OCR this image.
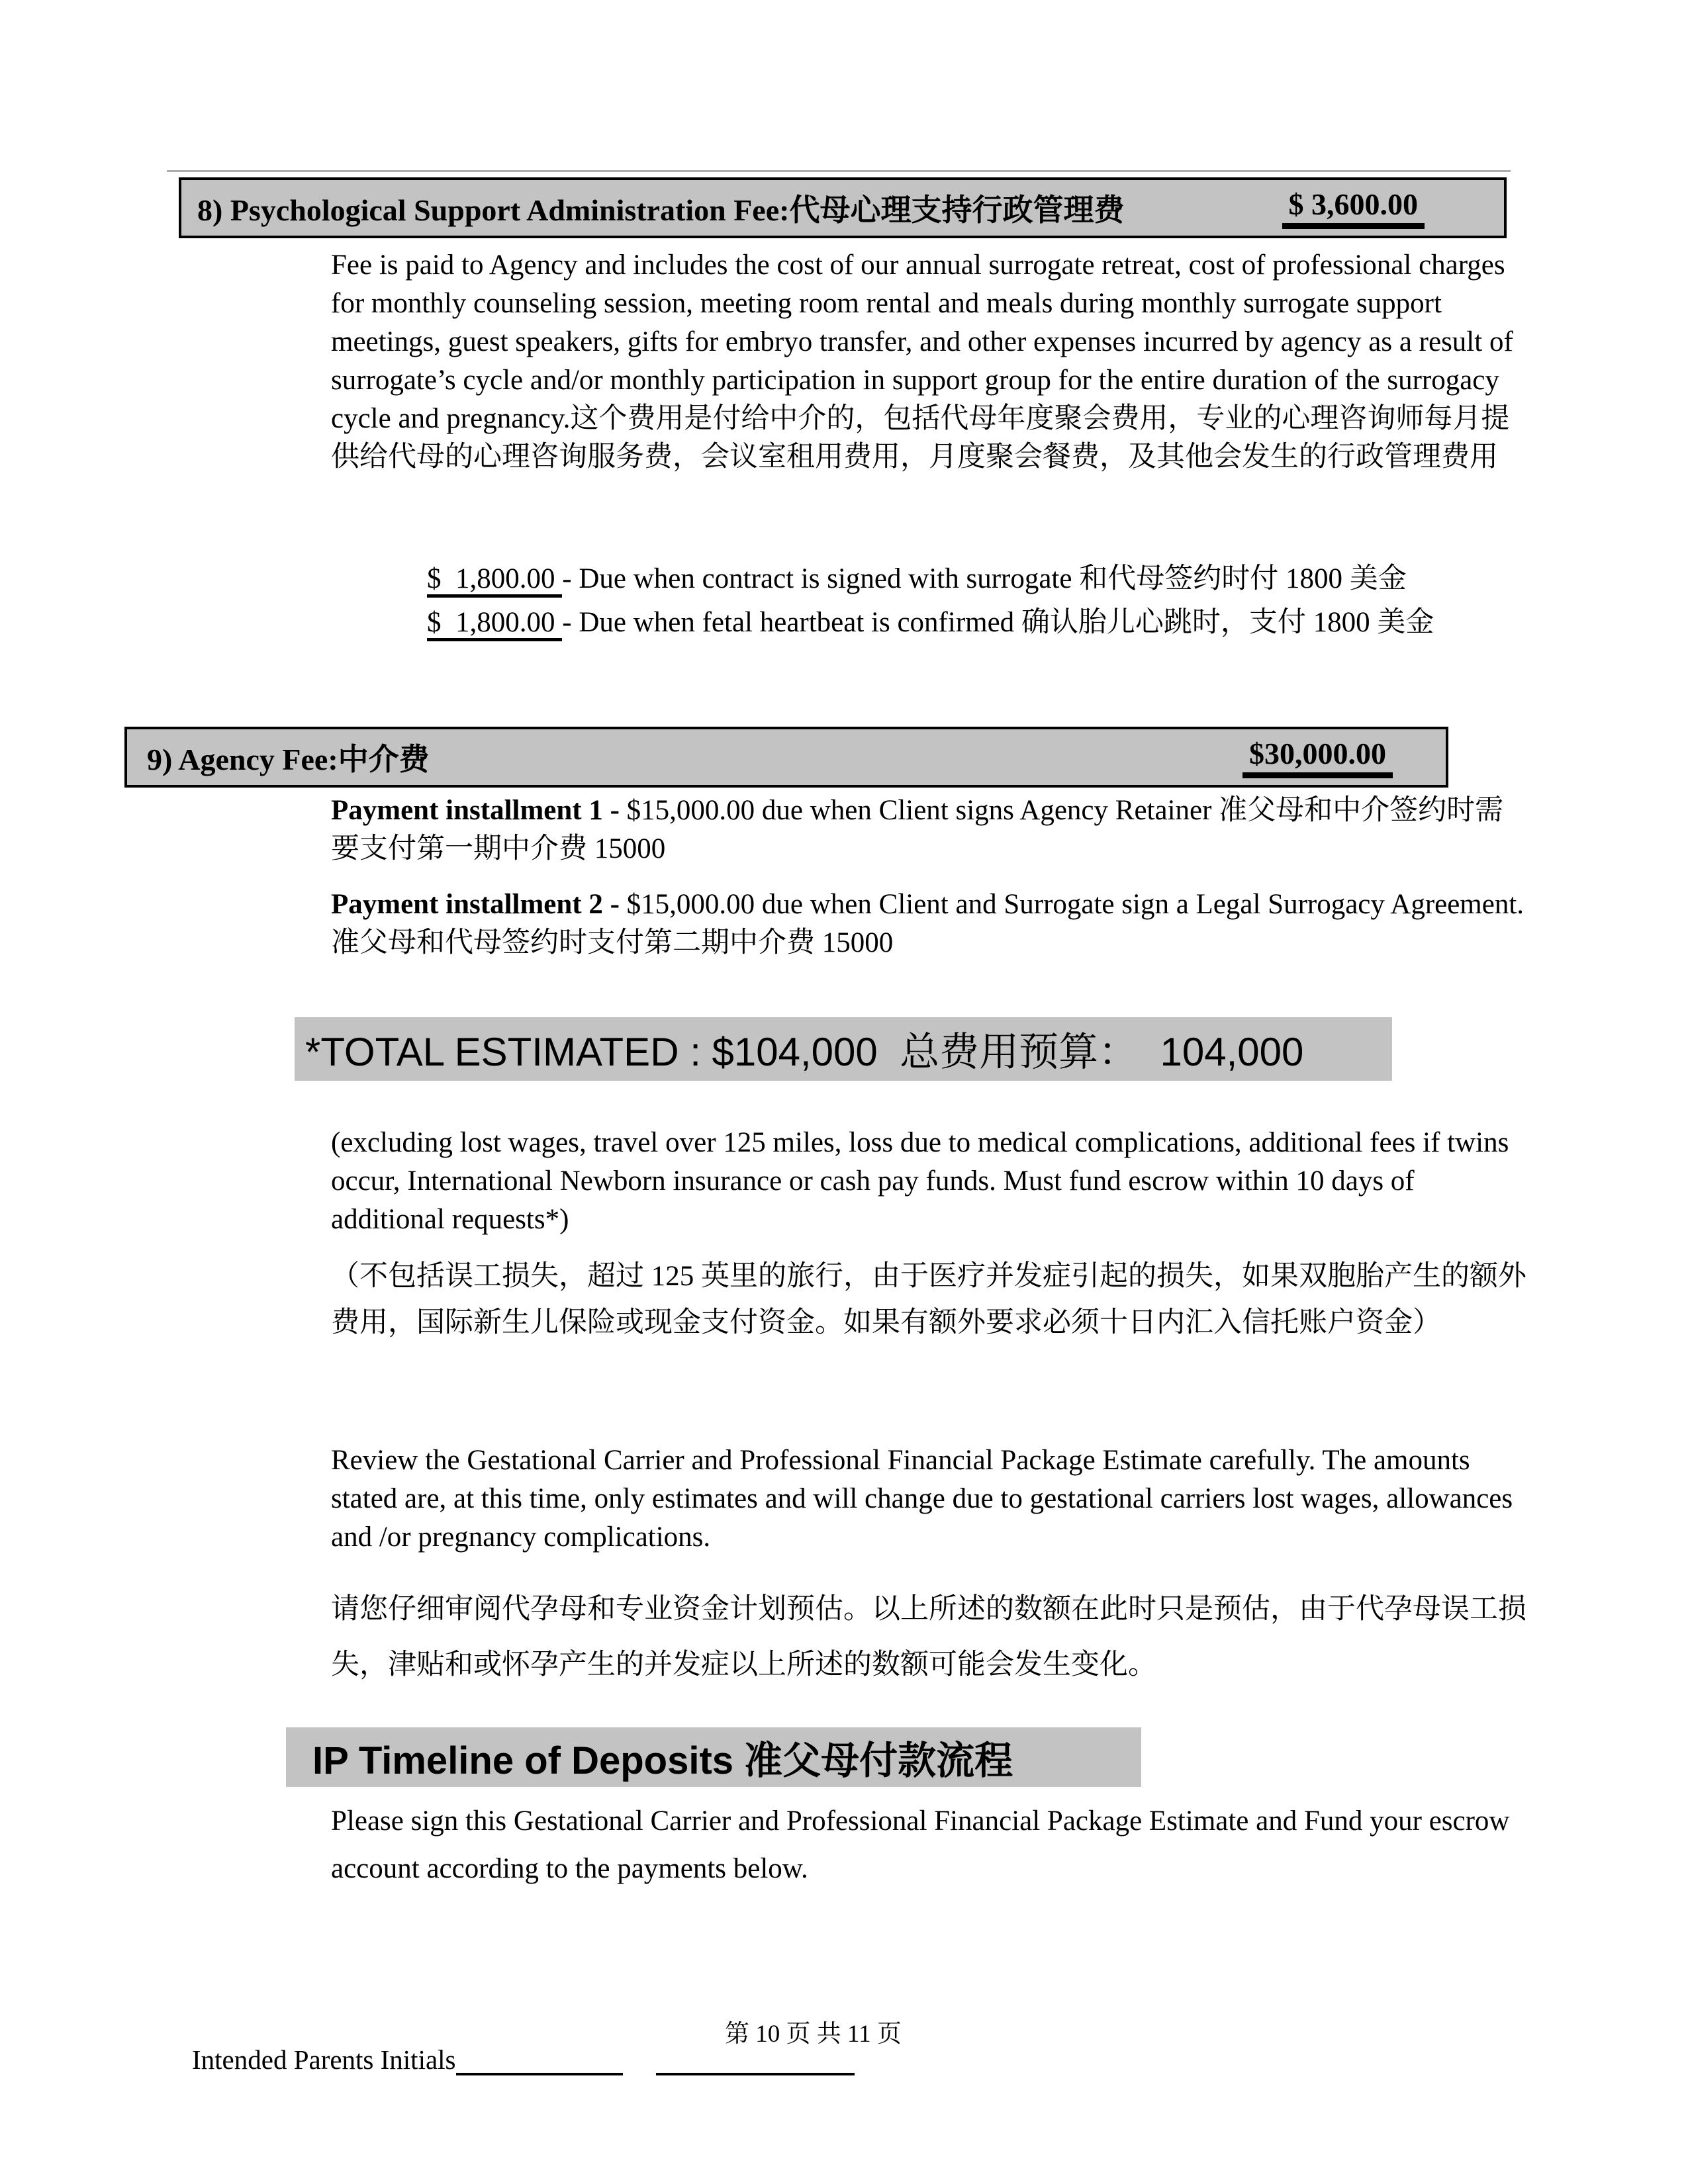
8) Psychological Support Administration Fee:代母心理支持行政管理费	$ 3,600.00
Fee is paid to Agency and includes the cost of our annual surrogate retreat, cost of professional charges for monthly counseling session, meeting room rental and meals during monthly surrogate support meetings, guest speakers, gifts for embryo transfer, and other expenses incurred by agency as a result of surrogate’s cycle and/or monthly participation in support group for the entire duration of the surrogacy cycle and pregnancy.这个费用是付给中介的，包括代母年度聚会费用，专业的心理咨询师每月提供给代母的心理咨询服务费，会议室租用费用，月度聚会餐费，及其他会发生的行政管理费用
$  1,800.00 - Due when contract is signed with surrogate 和代母签约时付 1800 美金
$  1,800.00 - Due when fetal heartbeat is confirmed 确认胎儿心跳时，支付 1800 美金
9) Agency Fee:中介费	$30,000.00
Payment installment 1 - $15,000.00 due when Client signs Agency Retainer 准父母和中介签约时需要支付第一期中介费 15000
Payment installment 2 - $15,000.00 due when Client and Surrogate sign a Legal Surrogacy Agreement.准父母和代母签约时支付第二期中介费 15000
*TOTAL ESTIMATED : $104,000  总费用预算：  104,000
(excluding lost wages, travel over 125 miles, loss due to medical complications, additional fees if twins occur, International Newborn insurance or cash pay funds. Must fund escrow within 10 days of additional requests*)
（不包括误工损失，超过 125 英里的旅行，由于医疗并发症引起的损失，如果双胞胎产生的额外费用，国际新生儿保险或现金支付资金。如果有额外要求必须十日内汇入信托账户资金）
Review the Gestational Carrier and Professional Financial Package Estimate carefully. The amounts stated are, at this time, only estimates and will change due to gestational carriers lost wages, allowances and /or pregnancy complications.
请您仔细审阅代孕母和专业资金计划预估。以上所述的数额在此时只是预估，由于代孕母误工损失，津贴和或怀孕产生的并发症以上所述的数额可能会发生变化。
IP Timeline of Deposits 准父母付款流程
Please sign this Gestational Carrier and Professional Financial Package Estimate and Fund your escrow account according to the payments below.
第 10 页 共 11 页
Intended Parents Initials
